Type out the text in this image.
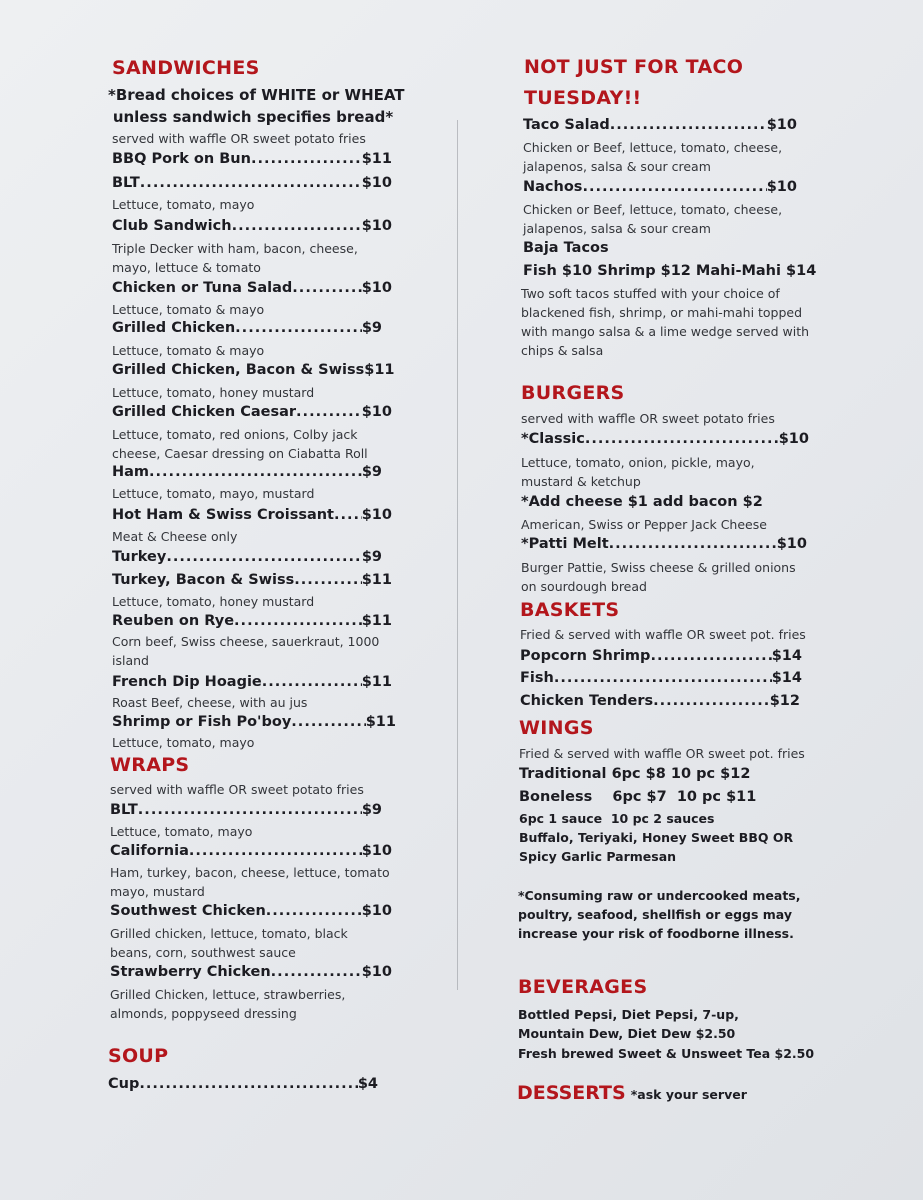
SANDWICHES
*Bread choices of WHITE or WHEAT
unless sandwich specifies bread*
served with waffle OR sweet potato fries
BBQ Pork on Bun .....	$11
BLT .....	$10
Lettuce, tomato, mayo
Club Sandwich .....	$10
Triple Decker with ham, bacon, cheese, mayo, lettuce & tomato
Chicken or Tuna Salad .....	$10
Lettuce, tomato & mayo
Grilled Chicken .....	$9
Lettuce, tomato & mayo
Grilled Chicken, Bacon & Swiss $11
Lettuce, tomato, honey mustard
Grilled Chicken Caesar .....	$10
Lettuce, tomato, red onions, Colby jack cheese, Caesar dressing on Ciabatta Roll
Ham .....	$9
Lettuce, tomato, mayo, mustard
Hot Ham & Swiss Croissant ..... $10
Meat & Cheese only
Turkey .....	$9
Turkey, Bacon & Swiss .....	$11
Lettuce, tomato, honey mustard
Reuben on Rye .....	$11
Corn beef, Swiss cheese, sauerkraut, 1000 island
French Dip Hoagie .....	$11
Roast Beef, cheese, with au jus
Shrimp or Fish Po'boy .....	$11
Lettuce, tomato, mayo
WRAPS
served with waffle OR sweet potato fries
BLT .....	$9
Lettuce, tomato, mayo
California .....	$10
Ham, turkey, bacon, cheese, lettuce, tomato mayo, mustard
Southwest Chicken .....	$10
Grilled chicken, lettuce, tomato, black beans, corn, southwest sauce
Strawberry Chicken .....	$10
Grilled Chicken, lettuce, strawberries, almonds, poppyseed dressing
SOUP
Cup .....	$4
NOT JUST FOR TACO
TUESDAY!!
Taco Salad .....	$10
Chicken or Beef, lettuce, tomato, cheese, jalapenos, salsa & sour cream
Nachos .....	$10
Chicken or Beef, lettuce, tomato, cheese, jalapenos, salsa & sour cream
Baja Tacos
Fish $10 Shrimp $12 Mahi-Mahi $14
Two soft tacos stuffed with your choice of blackened fish, shrimp, or mahi-mahi topped with mango salsa & a lime wedge served with chips & salsa
BURGERS
served with waffle OR sweet potato fries
*Classic .....	$10
Lettuce, tomato, onion, pickle, mayo, mustard & ketchup
*Add cheese $1 add bacon $2
American, Swiss or Pepper Jack Cheese
*Patti Melt .....	$10
Burger Pattie, Swiss cheese & grilled onions on sourdough bread
BASKETS
Fried & served with waffle OR sweet pot. fries
Popcorn Shrimp .....	$14
Fish .....	$14
Chicken Tenders .....	$12
WINGS
Fried & served with waffle OR sweet pot. fries
Traditional 6pc $8 10 pc $12
Boneless    6pc $7  10 pc $11
6pc 1 sauce  10 pc 2 sauces
Buffalo, Teriyaki, Honey Sweet BBQ OR Spicy Garlic Parmesan
*Consuming raw or undercooked meats, poultry, seafood, shellfish or eggs may increase your risk of foodborne illness.
BEVERAGES
Bottled Pepsi, Diet Pepsi, 7-up, Mountain Dew, Diet Dew $2.50
Fresh brewed Sweet & Unsweet Tea $2.50
DESSERTS *ask your server
